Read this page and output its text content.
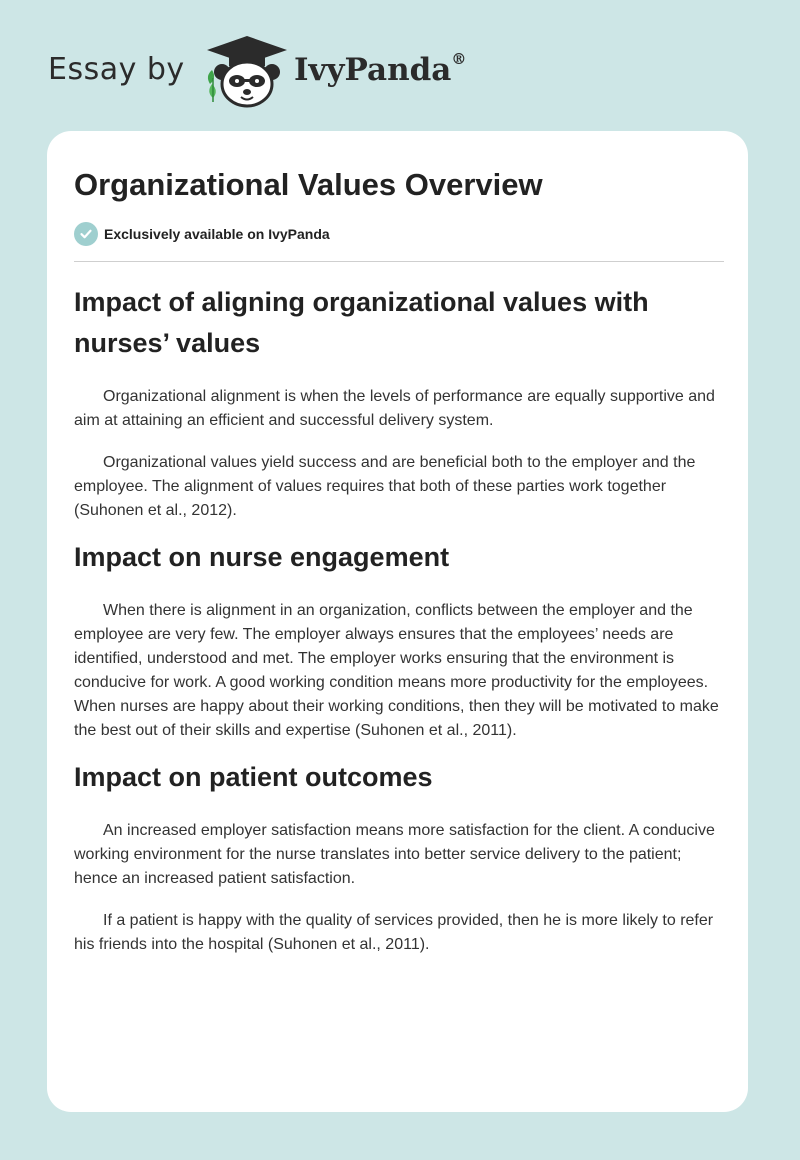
Essay by	IvyPanda®
Organizational Values Overview
Exclusively available on IvyPanda
Impact of aligning organizational values with nurses’ values

Organizational alignment is when the levels of performance are equally supportive and aim at attaining an efficient and successful delivery system.

Organizational values yield success and are beneficial both to the employer and the employee. The alignment of values requires that both of these parties work together (Suhonen et al., 2012).

Impact on nurse engagement

When there is alignment in an organization, conflicts between the employer and the employee are very few. The employer always ensures that the employees’ needs are identified, understood and met. The employer works ensuring that the environment is conducive for work. A good working condition means more productivity for the employees. When nurses are happy about their working conditions, then they will be motivated to make the best out of their skills and expertise (Suhonen et al., 2011).

Impact on patient outcomes

An increased employer satisfaction means more satisfaction for the client. A conducive working environment for the nurse translates into better service delivery to the patient; hence an increased patient satisfaction.

If a patient is happy with the quality of services provided, then he is more likely to refer his friends into the hospital (Suhonen et al., 2011).
